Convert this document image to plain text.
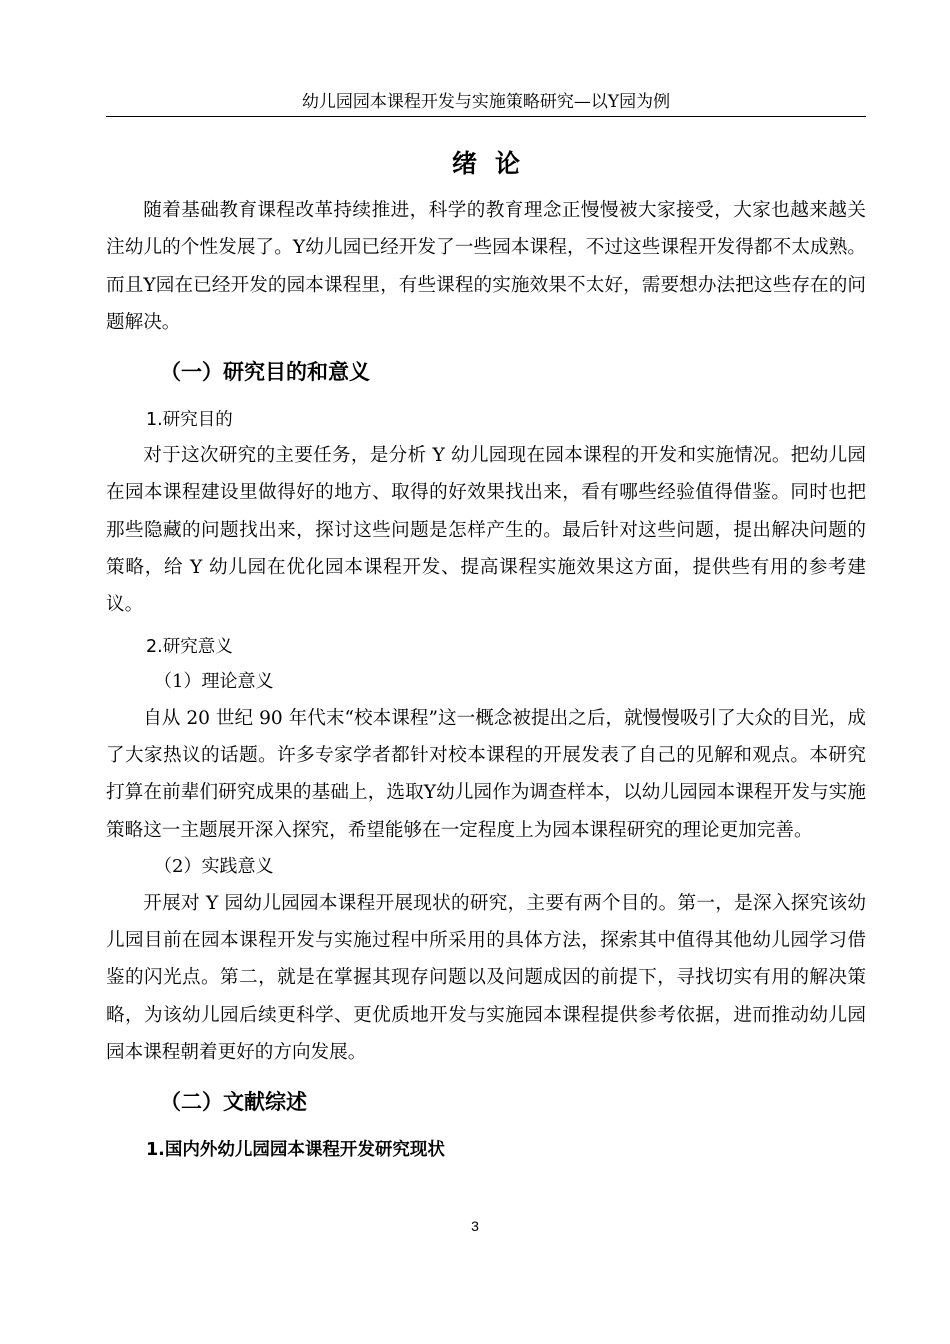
幼儿园园本课程开发与实施策略研究—以Y园为例
绪论

随着基础教育课程改革持续推进，科学的教育理念正慢慢被大家接受，大家也越来越关注幼儿的个性发展了。Y幼儿园已经开发了一些园本课程，不过这些课程开发得都不太成熟。而且Y园在已经开发的园本课程里，有些课程的实施效果不太好，需要想办法把这些存在的问题解决。

（一）研究目的和意义
1.研究目的

对于这次研究的主要任务，是分析 Y 幼儿园现在园本课程的开发和实施情况。把幼儿园在园本课程建设里做得好的地方、取得的好效果找出来，看有哪些经验值得借鉴。同时也把那些隐藏的问题找出来，探讨这些问题是怎样产生的。最后针对这些问题，提出解决问题的策略，给 Y 幼儿园在优化园本课程开发、提高课程实施效果这方面，提供些有用的参考建议。

2.研究意义
（1）理论意义

自从 20 世纪 90 年代末“校本课程”这一概念被提出之后，就慢慢吸引了大众的目光，成了大家热议的话题。许多专家学者都针对校本课程的开展发表了自己的见解和观点。本研究打算在前辈们研究成果的基础上，选取Y幼儿园作为调查样本，以幼儿园园本课程开发与实施策略这一主题展开深入探究，希望能够在一定程度上为园本课程研究的理论更加完善。

（2）实践意义

开展对 Y 园幼儿园园本课程开展现状的研究，主要有两个目的。第一，是深入探究该幼儿园目前在园本课程开发与实施过程中所采用的具体方法，探索其中值得其他幼儿园学习借鉴的闪光点。第二，就是在掌握其现存问题以及问题成因的前提下，寻找切实有用的解决策略，为该幼儿园后续更科学、更优质地开发与实施园本课程提供参考依据，进而推动幼儿园园本课程朝着更好的方向发展。

（二）文献综述
1.国内外幼儿园园本课程开发研究现状
3
